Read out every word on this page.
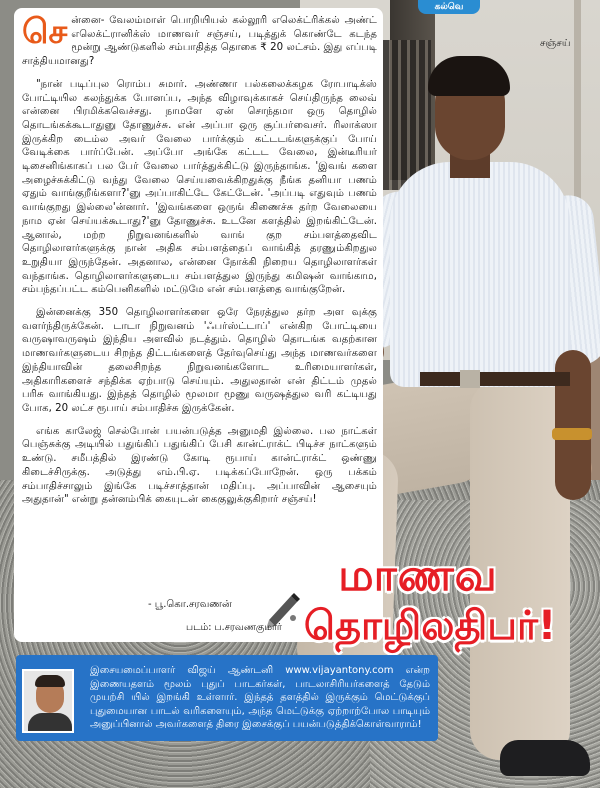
கல்வெ
சஞ்சய்

சென்னை- வேலம்மாள் பொறியியல் கல்லூரி எலெக்ட்ரிக்கல் அண்ட் எலெக்ட்ரானிக்ஸ் மாணவர் சஞ்சய், படித்துக் கொண்டே கடந்த மூன்று ஆண்டுகளில் சம்பாதித்த தொகை ₹ 20 லட்சம். இது எப்படி சாத்தியமானது?

"நான் படிப்புல ரொம்ப சுமார். அண்ணா பல்கலைக்கழக ரோபாடிக்ஸ் போட்டியில கலந்துக்க போனப்ப, அந்த விழாவுக்காகச் செய்திருந்த லைவ் என்னை பிரமிக்கவெச்சது. நாமளே ஏன் சொந்தமா ஒரு தொழில் தொடங்கக்கூடாதுனு தோணுச்சு. என் அப்பா ஒரு சூப்பர்வைசர். ரிலாக்ஸா இருக்கிற டைம்ல அவர் வேலை பார்க்கும் கட்டடங்களுக்குப் போய் வேடிக்கை பார்ப்பேன். அப்போ அங்கே கட்டட வேலை, இன்டீரியர் டிசைனிங்காகப் பல பேர் வேலை பார்த்துக்கிட்டு இருந்தாங்க. 'இவங் களை அழைச்சுக்கிட்டு வந்து வேலை செய்யவைக்கிறதுக்கு நீங்க தனியா பணம் ஏதும் வாங்குறீங்களா?'னு அப்பாகிட்டே கேட்டேன். 'அப்படி எதுவும் பணம் வாங்குறது இல்லை'ன்னார். 'இவங்களை ஒருங் கிணைச்சு தர்ற வேலையை நாம ஏன் செய்யக்கூடாது?'னு தோணுச்சு. உடனே களத்தில் இறங்கிட்டேன். ஆனால், மற்ற நிறுவனங்களில் வாங் குற சம்பளத்தைவிட தொழிலாளர்களுக்கு நான் அதிக சம்பளத்தைப் வாங்கித் தரணும்கிறதுல உறுதியா இருந்தேன். அதனால, என்னை நோக்கி நிறைய தொழிலாளர்கள் வந்தாங்க. தொழிலாளர்களுடைய சம்பளத்துல இருந்து கமிஷன் வாங்காம, சம்பந்தப்பட்ட கம்பெனிகளில் மட்டுமே என் சம்பளத்தை வாங்குறேன்.

இன்னைக்கு 350 தொழிலாளர்களை ஒரே நேரத்துல தர்ற அள வுக்கு வளர்ந்திருக்கேன். டாடா நிறுவனம் 'ஃபர்ஸ்ட்டாப்' என்கிற போட்டியை வருஷாவருஷம் இந்திய அளவில் நடத்தும். தொழில் தொடங்க வதற்கான மாணவர்களுடைய சிறந்த திட்டங்களைத் தேர்வுசெய்து அந்த மாணவர்களை இந்தியாவின் தலைசிறந்த நிறுவனங்களோட உரிமையாளர்கள், அதிகாரிகளைச் சந்திக்க ஏற்பாடு செய்யும். அதுலதான் என் திட்டம் முதல் பரிசு வாங்கியது. இந்தத் தொழில் மூலமா மூணு வருஷத்துல வரி கட்டியது போக, 20 லட்ச ரூபாய் சம்பாதிச்சு இருக்கேன்.

எங்க காலேஜ் செல்போன் பயன்படுத்த அனுமதி இல்லை. பல நாட்கள் பெஞ்சுக்கு அடியில் பதுங்கிப் பதுங்கிப் பேசி கான்ட்ராக்ட் பிடிச்ச நாட்களும் உண்டு. சமீபத்தில் இரண்டு கோடி ரூபாய் கான்ட்ராக்ட் ஒண்ணு கிடைச்சிருக்கு. அடுத்து எம்.பி.ஏ. படிக்கப்போறேன். ஒரு பக்கம் சம்பாதிச்சாலும் இங்கே படிச்சாத்தான் மதிப்பு. அப்பாவின் ஆசையும் அதுதான்" என்று தன்னம்பிக் கையுடன் கைகுலுக்குகிறார் சஞ்சய்!

- பூ.கொ.சரவணன்
படம்: ப.சரவணகுமார்
மாணவ
தொழிலதிபர்!
இசையமைப்பாளர் விஜய் ஆண்டனி www.vijayantony.com என்ற இணையதளம் மூலம் புதுப் பாடகர்கள், பாடலாசிரியர்களைத் தேடும் முயற்சி யில் இறங்கி உள்ளார். இந்தத் தளத்தில் இருக்கும் மெட்டுக்குப் புதுமையான பாடல் வரிகளையும், அந்த மெட்டுக்கு ஏற்றாற்போல பாடியும் அனுப்பினால் அவர்களைத் திரை இசைக்குப் பயன்படுத்திக்கொள்வாராம்!
